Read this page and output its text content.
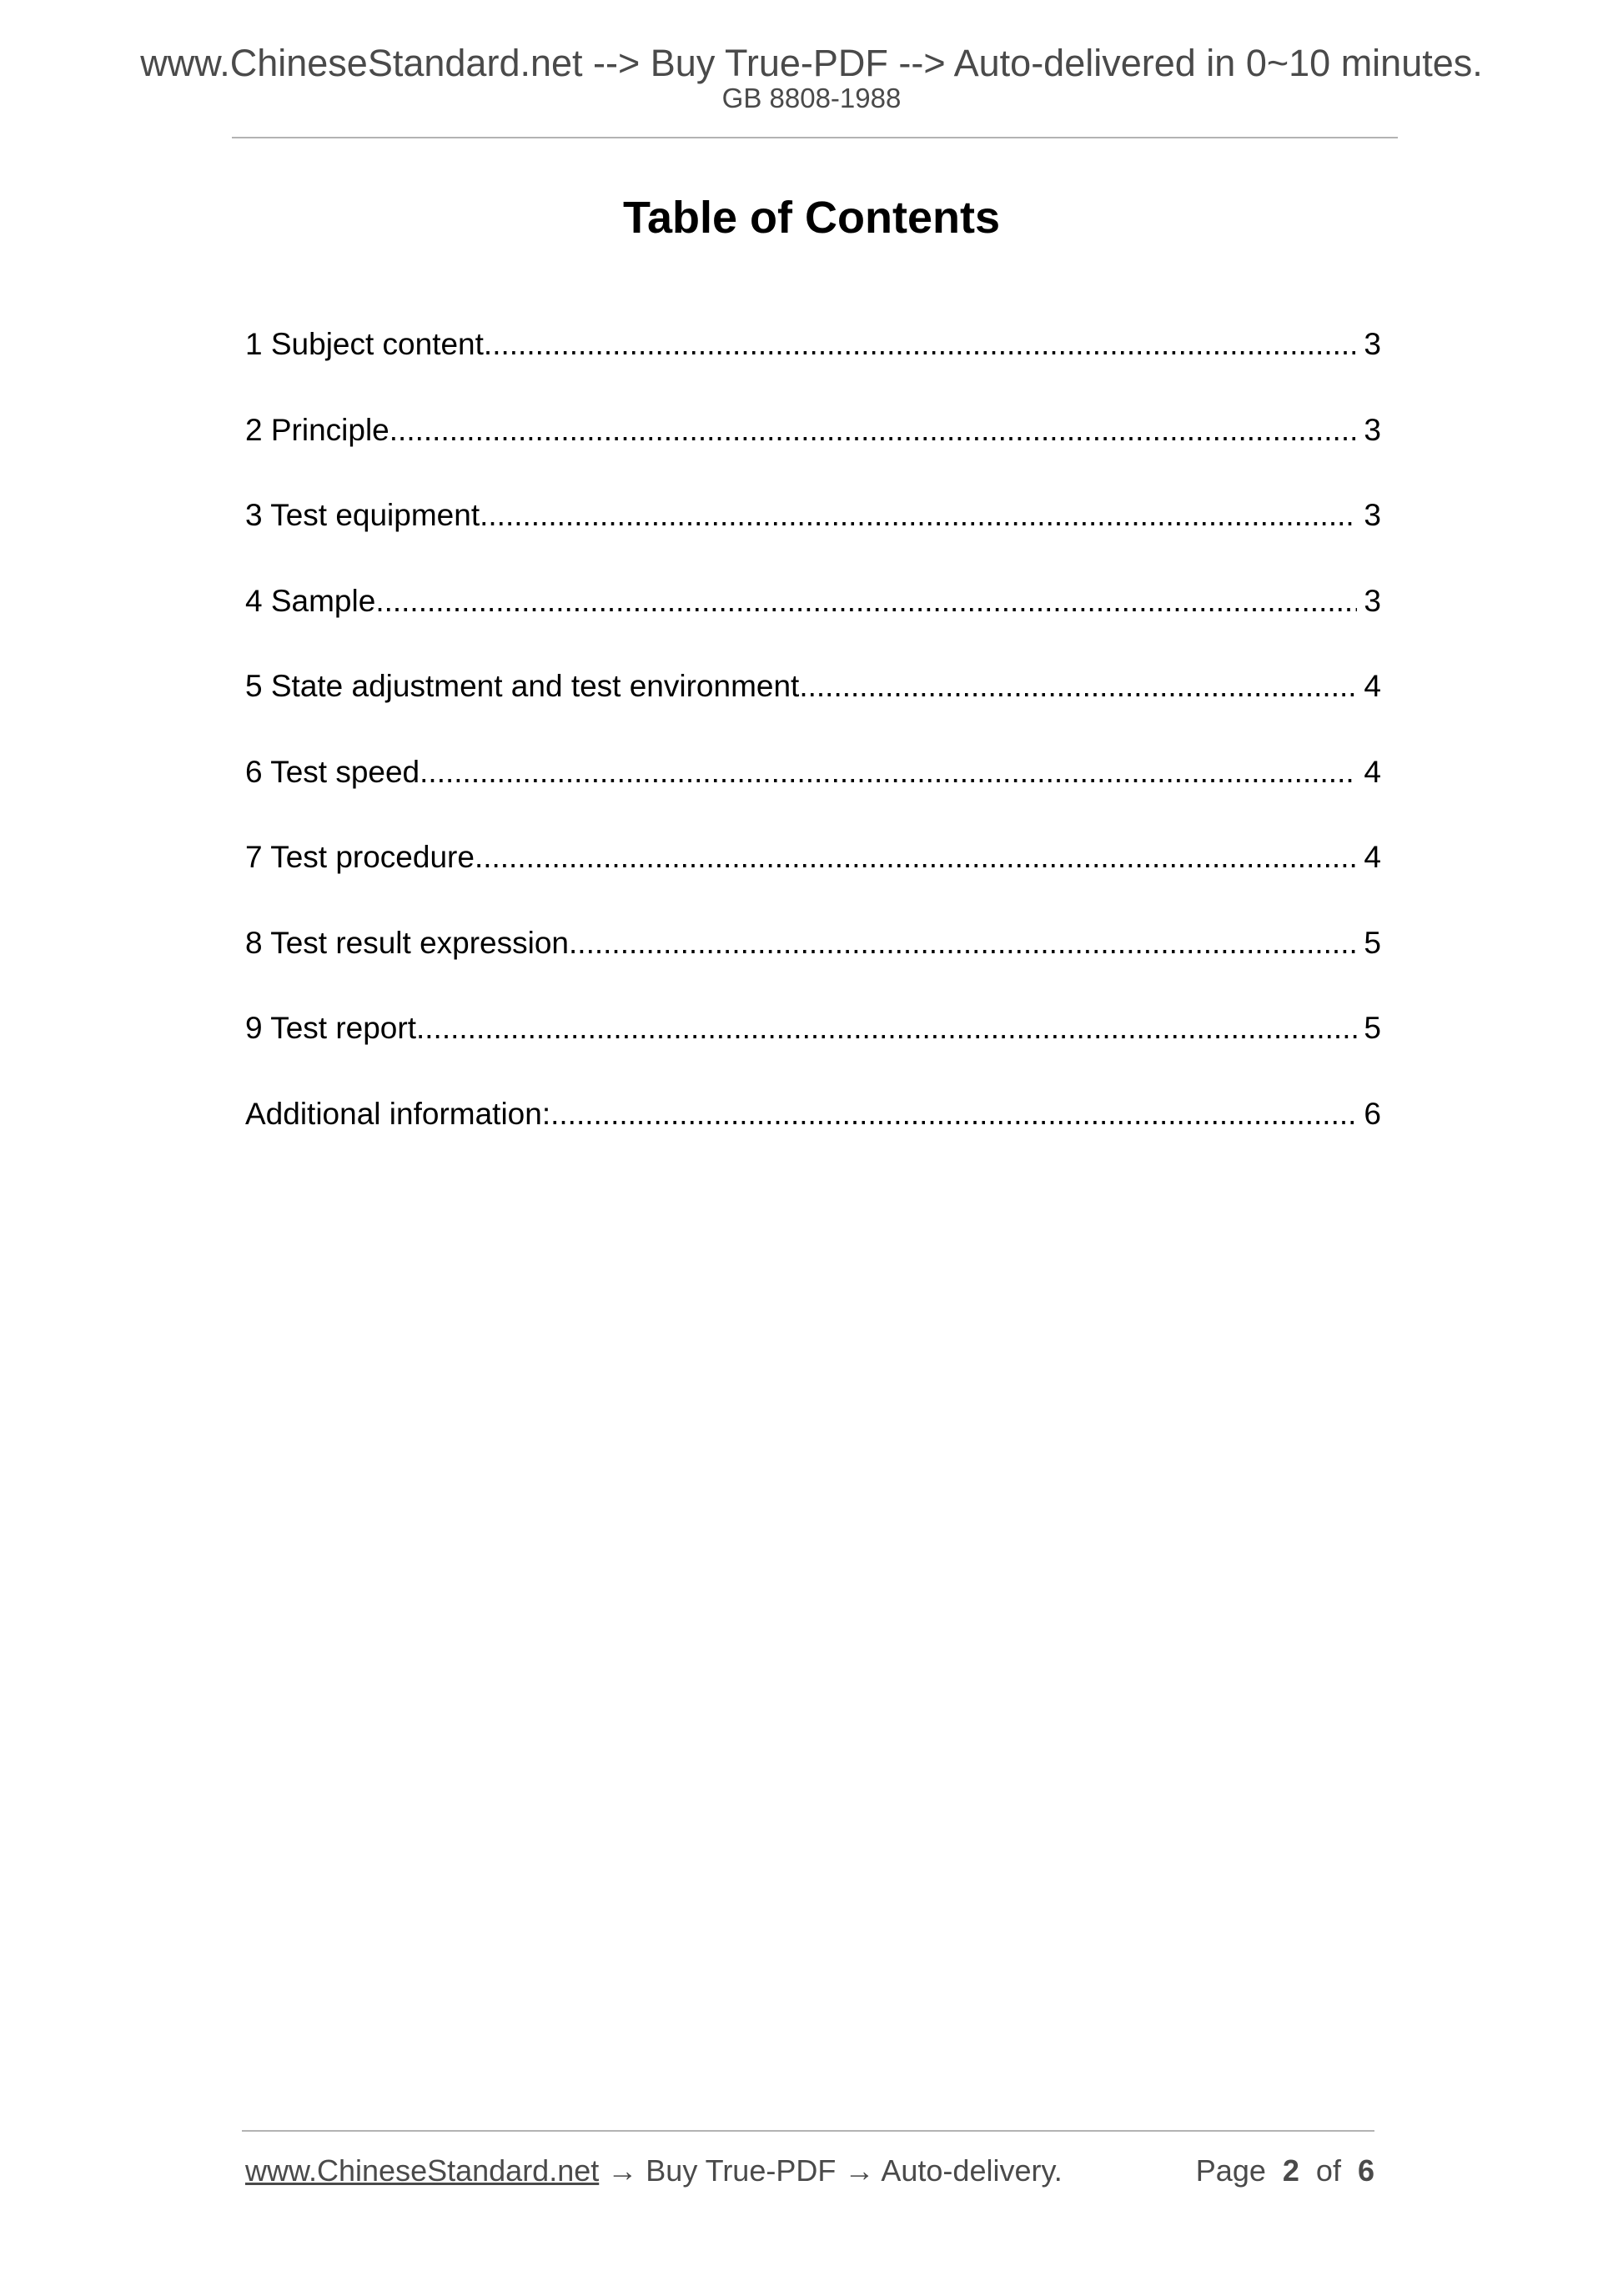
www.ChineseStandard.net --> Buy True-PDF --> Auto-delivered in 0~10 minutes.
GB 8808-1988
Table of Contents
1 Subject content .....	3
2 Principle .....	3
3 Test equipment .....	3
4 Sample .....	3
5 State adjustment and test environment .....	4
6 Test speed .....	4
7 Test procedure .....	4
8 Test result expression .....	5
9 Test report .....	5
Additional information: .....	6
www.ChineseStandard.net → Buy True-PDF → Auto-delivery.	Page 2 of 6
